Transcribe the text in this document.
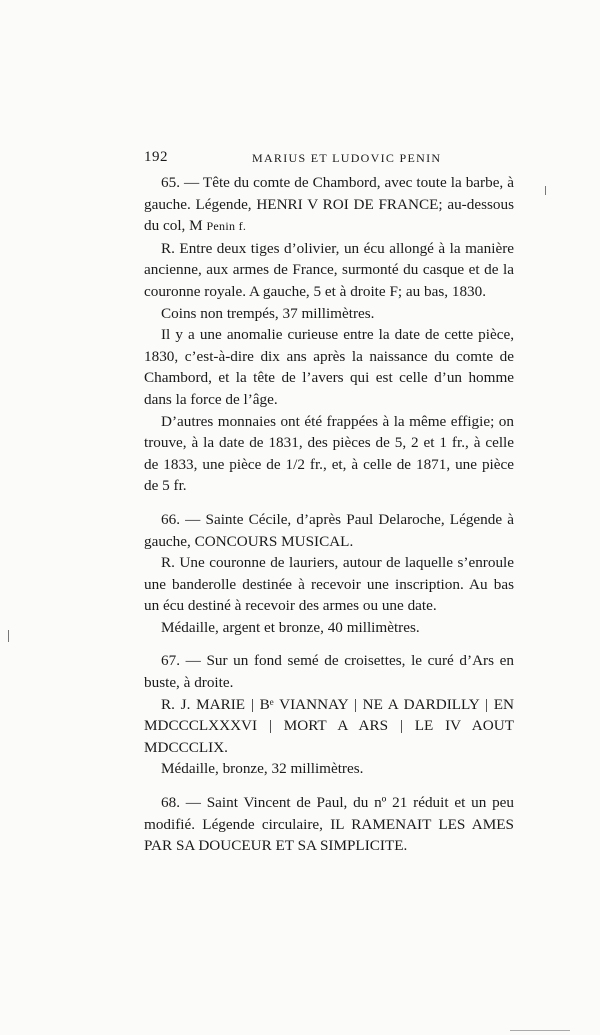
192	MARIUS ET LUDOVIC PENIN

65. — Tête du comte de Chambord, avec toute la barbe, à gauche. Légende, HENRI V ROI DE FRANCE; au-dessous du col, M Penin f.

R. Entre deux tiges d’olivier, un écu allongé à la manière ancienne, aux armes de France, surmonté du casque et de la couronne royale. A gauche, 5 et à droite F; au bas, 1830.

Coins non trempés, 37 millimètres.

Il y a une anomalie curieuse entre la date de cette pièce, 1830, c’est-à-dire dix ans après la naissance du comte de Chambord, et la tête de l’avers qui est celle d’un homme dans la force de l’âge.

D’autres monnaies ont été frappées à la même effigie; on trouve, à la date de 1831, des pièces de 5, 2 et 1 fr., à celle de 1833, une pièce de 1/2 fr., et, à celle de 1871, une pièce de 5 fr.

66. — Sainte Cécile, d’après Paul Delaroche, Légende à gauche, CONCOURS MUSICAL.

R. Une couronne de lauriers, autour de laquelle s’enroule une banderolle destinée à recevoir une inscription. Au bas un écu destiné à recevoir des armes ou une date.

Médaille, argent et bronze, 40 millimètres.

67. — Sur un fond semé de croisettes, le curé d’Ars en buste, à droite.

R. J. MARIE | Bᵉ VIANNAY | NE A DARDILLY | EN MDCCCLXXXVI | MORT A ARS | LE IV AOUT MDCCCLIX.

Médaille, bronze, 32 millimètres.

68. — Saint Vincent de Paul, du nº 21 réduit et un peu modifié. Légende circulaire, IL RAMENAIT LES AMES PAR SA DOUCEUR ET SA SIMPLICITE.
